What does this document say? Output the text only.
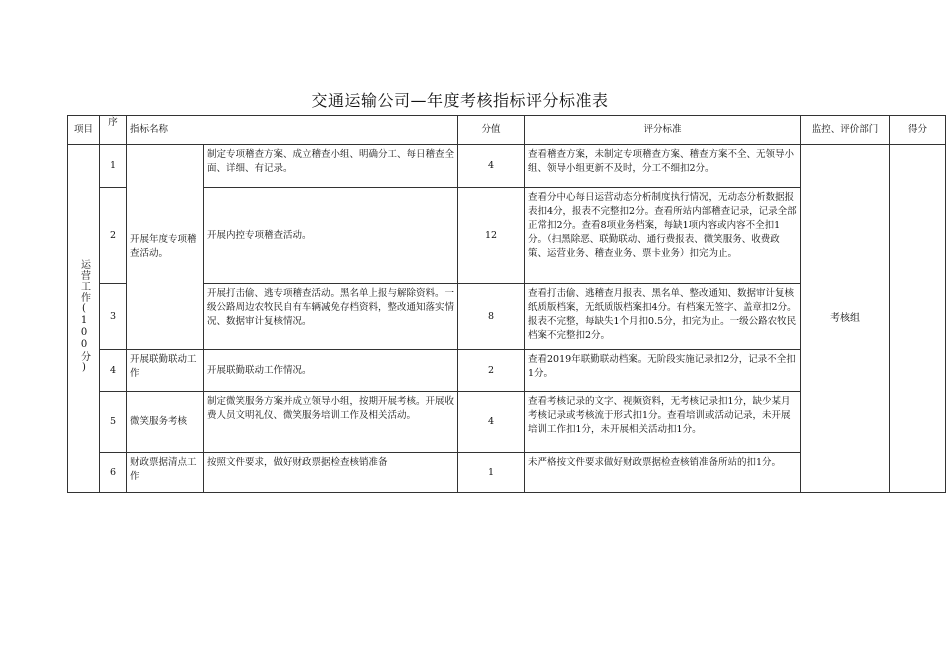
交通运输公司—年度考核指标评分标准表
项目	序	指标名称		分值	评分标准	监控、评价部门	得分
运营工作(100分)	1	开展年度专项稽查活动。	制定专项稽查方案、成立稽查小组、明确分工、每日稽查全面、详细、有记录。	4	查看稽查方案，未制定专项稽查方案、稽查方案不全、无领导小组、领导小组更新不及时，分工不细扣2分。	考核组	
	2		开展内控专项稽查活动。	12	查看分中心每日运营动态分析制度执行情况，无动态分析数据报表扣4分，报表不完整扣2分。查看所站内部稽查记录，记录全部正常扣2分。查看8项业务档案，每缺1项内容或内容不全扣1分。（扫黑除恶、联勤联动、通行费报表、微笑服务、收费政策、运营业务、稽查业务、票卡业务）扣完为止。		
	3		开展打击偷、逃专项稽查活动。黑名单上报与解除资料。一级公路周边农牧民自有车辆减免存档资料，整改通知落实情况、数据审计复核情况。	8	查看打击偷、逃稽查月报表、黑名单、整改通知、数据审计复核纸质版档案，无纸质版档案扣4分。有档案无签字、盖章扣2分。报表不完整，每缺失1个月扣0.5分，扣完为止。一级公路农牧民档案不完整扣2分。		
	4	开展联勤联动工作	开展联勤联动工作情况。	2	查看2019年联勤联动档案。无阶段实施记录扣2分，记录不全扣1分。		
	5	微笑服务考核	制定微笑服务方案并成立领导小组，按期开展考核。开展收费人员文明礼仪、微笑服务培训工作及相关活动。	4	查看考核记录的文字、视频资料，无考核记录扣1分，缺少某月考核记录或考核流于形式扣1分。查看培训或活动记录，未开展培训工作扣1分，未开展相关活动扣1分。		
	6	财政票据清点工作	按照文件要求，做好财政票据检查核销准备	1	未严格按文件要求做好财政票据检查核销准备所站的扣1分。		
